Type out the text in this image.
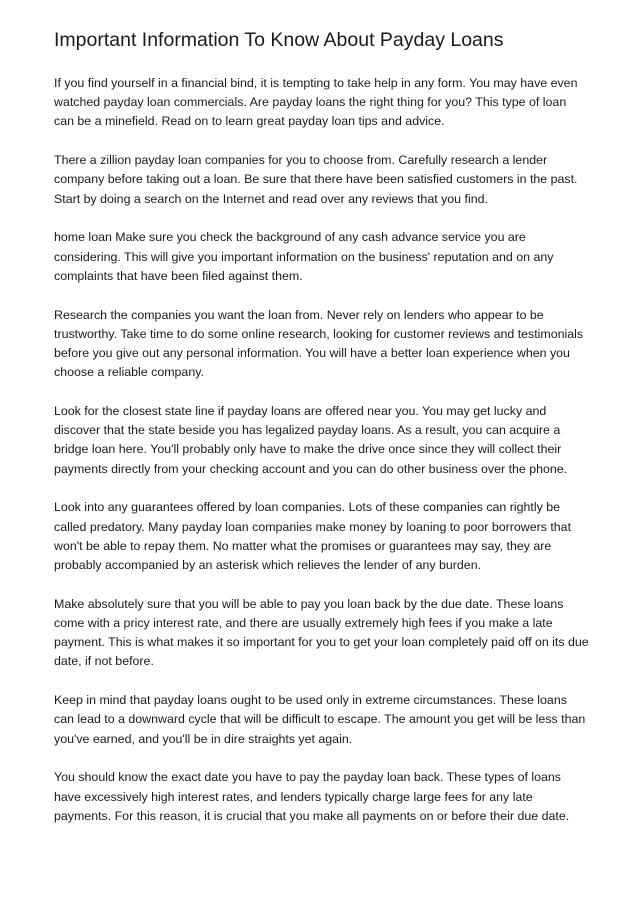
Important Information To Know About Payday Loans

If you find yourself in a financial bind, it is tempting to take help in any form. You may have even watched payday loan commercials. Are payday loans the right thing for you? This type of loan can be a minefield. Read on to learn great payday loan tips and advice.

There a zillion payday loan companies for you to choose from. Carefully research a lender company before taking out a loan. Be sure that there have been satisfied customers in the past. Start by doing a search on the Internet and read over any reviews that you find.

home loan Make sure you check the background of any cash advance service you are considering. This will give you important information on the business' reputation and on any complaints that have been filed against them.

Research the companies you want the loan from. Never rely on lenders who appear to be trustworthy. Take time to do some online research, looking for customer reviews and testimonials before you give out any personal information. You will have a better loan experience when you choose a reliable company.

Look for the closest state line if payday loans are offered near you. You may get lucky and discover that the state beside you has legalized payday loans. As a result, you can acquire a bridge loan here. You'll probably only have to make the drive once since they will collect their payments directly from your checking account and you can do other business over the phone.

Look into any guarantees offered by loan companies. Lots of these companies can rightly be called predatory. Many payday loan companies make money by loaning to poor borrowers that won't be able to repay them. No matter what the promises or guarantees may say, they are probably accompanied by an asterisk which relieves the lender of any burden.

Make absolutely sure that you will be able to pay you loan back by the due date. These loans come with a pricy interest rate, and there are usually extremely high fees if you make a late payment. This is what makes it so important for you to get your loan completely paid off on its due date, if not before.

Keep in mind that payday loans ought to be used only in extreme circumstances. These loans can lead to a downward cycle that will be difficult to escape. The amount you get will be less than you've earned, and you'll be in dire straights yet again.

You should know the exact date you have to pay the payday loan back. These types of loans have excessively high interest rates, and lenders typically charge large fees for any late payments. For this reason, it is crucial that you make all payments on or before their due date.
